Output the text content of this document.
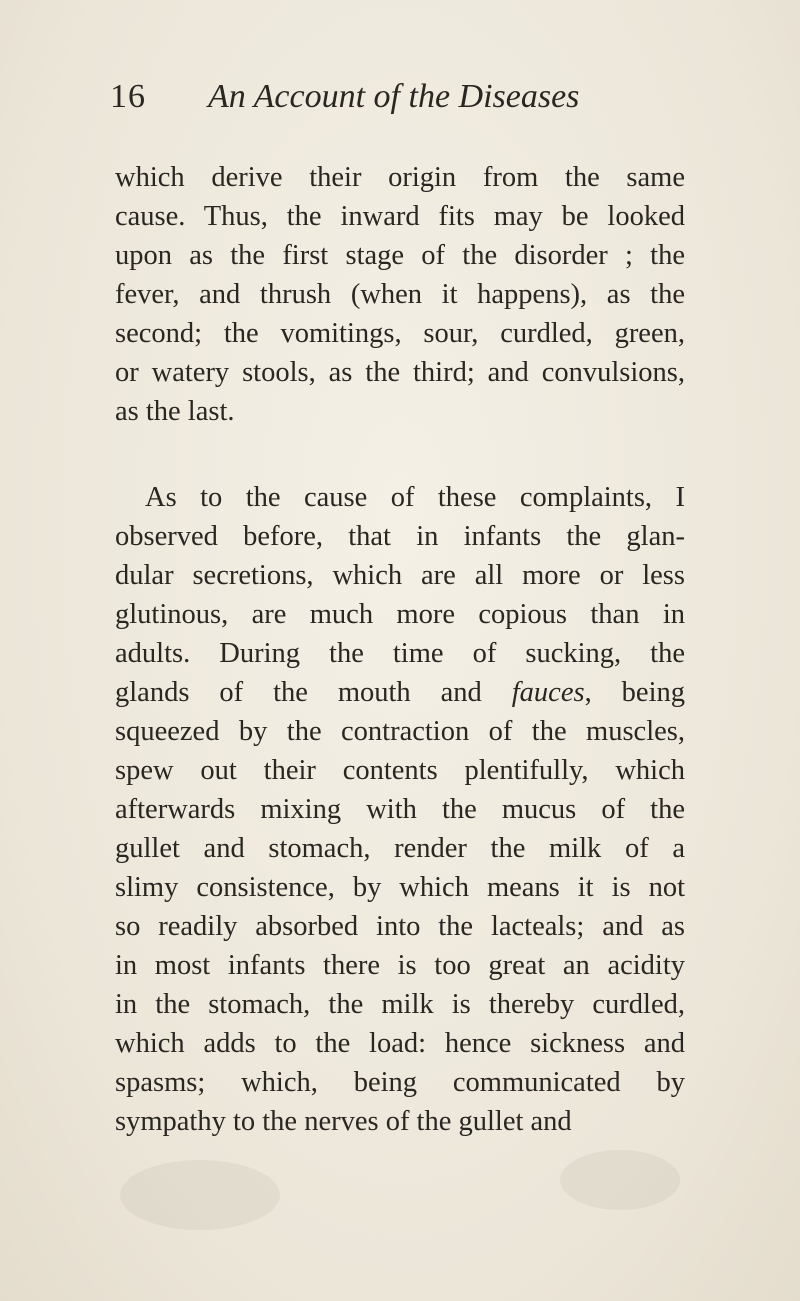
16 An Account of the Diseases
which derive their origin from the same
cause. Thus, the inward fits may be looked
upon as the first stage of the disorder ; the
fever, and thrush (when it happens), as the
second; the vomitings, sour, curdled, green,
or watery stools, as the third; and convulsions,
as the last.
As to the cause of these complaints, I
observed before, that in infants the glan-
dular secretions, which are all more or less
glutinous, are much more copious than in
adults. During the time of sucking, the
glands of the mouth and fauces, being
squeezed by the contraction of the muscles,
spew out their contents plentifully, which
afterwards mixing with the mucus of the
gullet and stomach, render the milk of a
slimy consistence, by which means it is not
so readily absorbed into the lacteals; and as
in most infants there is too great an acidity
in the stomach, the milk is thereby curdled,
which adds to the load: hence sickness and
spasms; which, being communicated by
sympathy to the nerves of the gullet and
